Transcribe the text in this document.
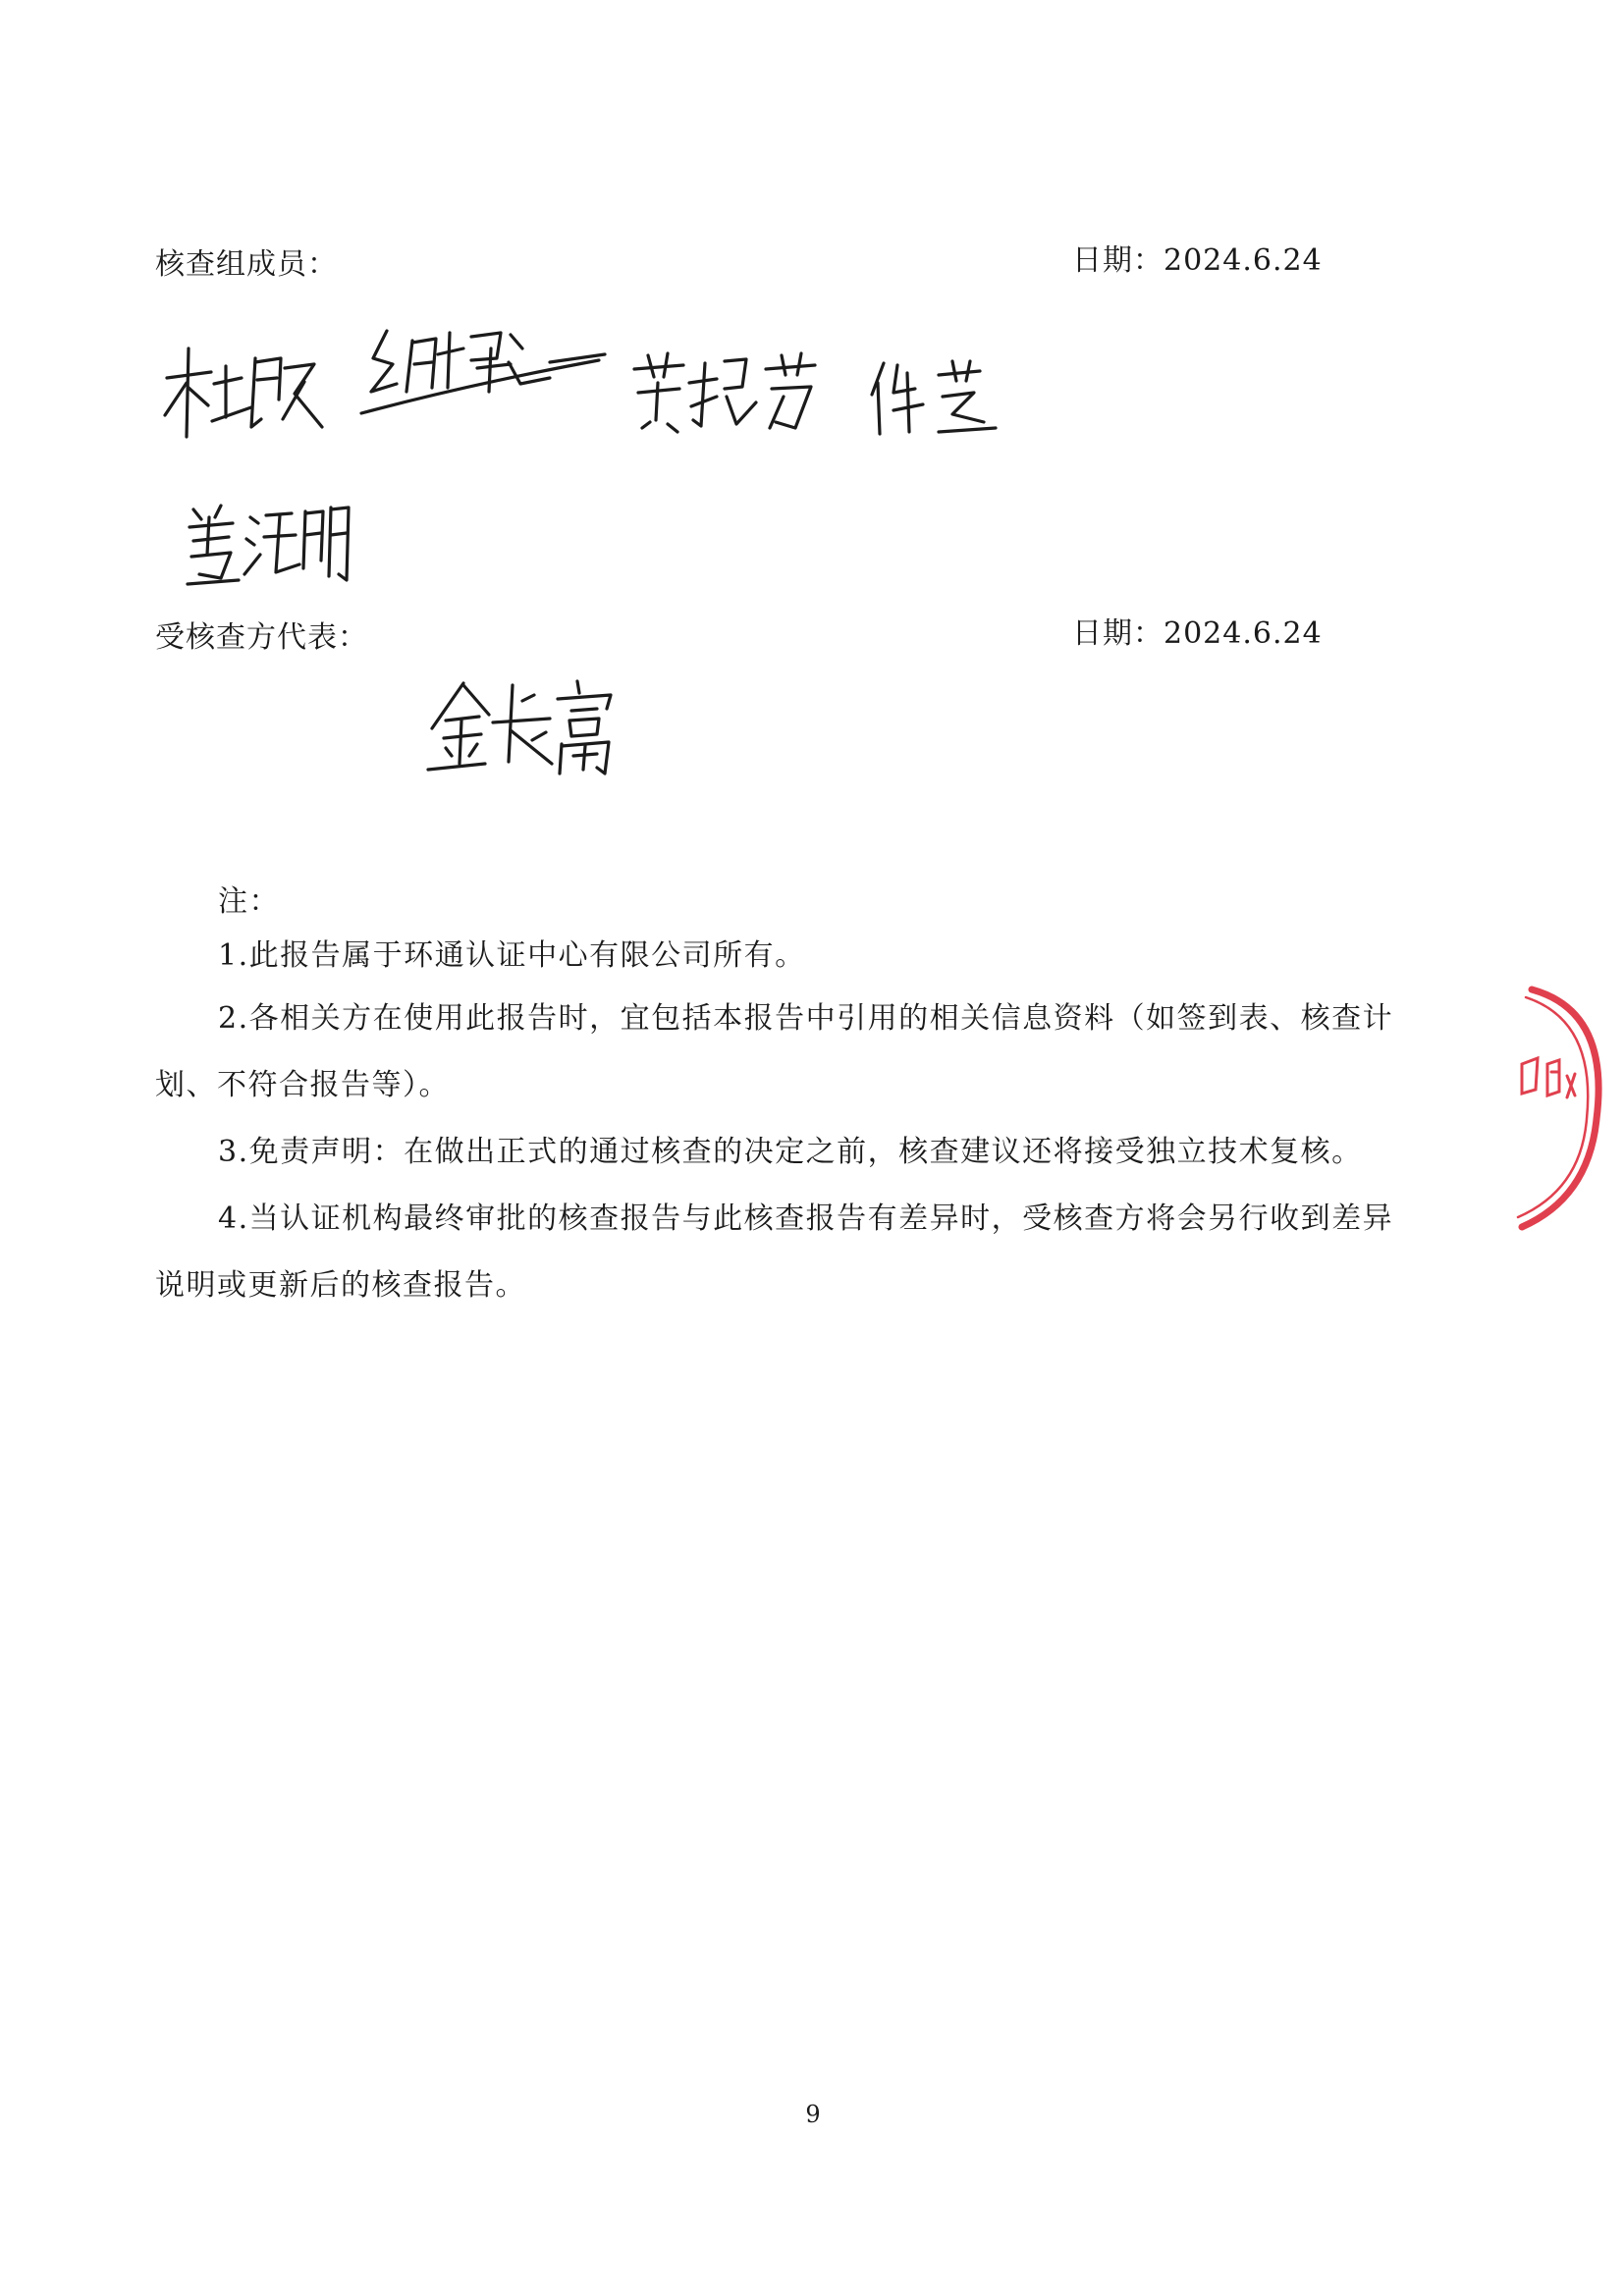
核查组成员：	日期：2024.6.24
受核查方代表：	日期：2024.6.24
注：
1.此报告属于环通认证中心有限公司所有。
2.各相关方在使用此报告时，宜包括本报告中引用的相关信息资料（如签到表、核查计
划、不符合报告等）。
3.免责声明：在做出正式的通过核查的决定之前，核查建议还将接受独立技术复核。
4.当认证机构最终审批的核查报告与此核查报告有差异时，受核查方将会另行收到差异
说明或更新后的核查报告。
9
